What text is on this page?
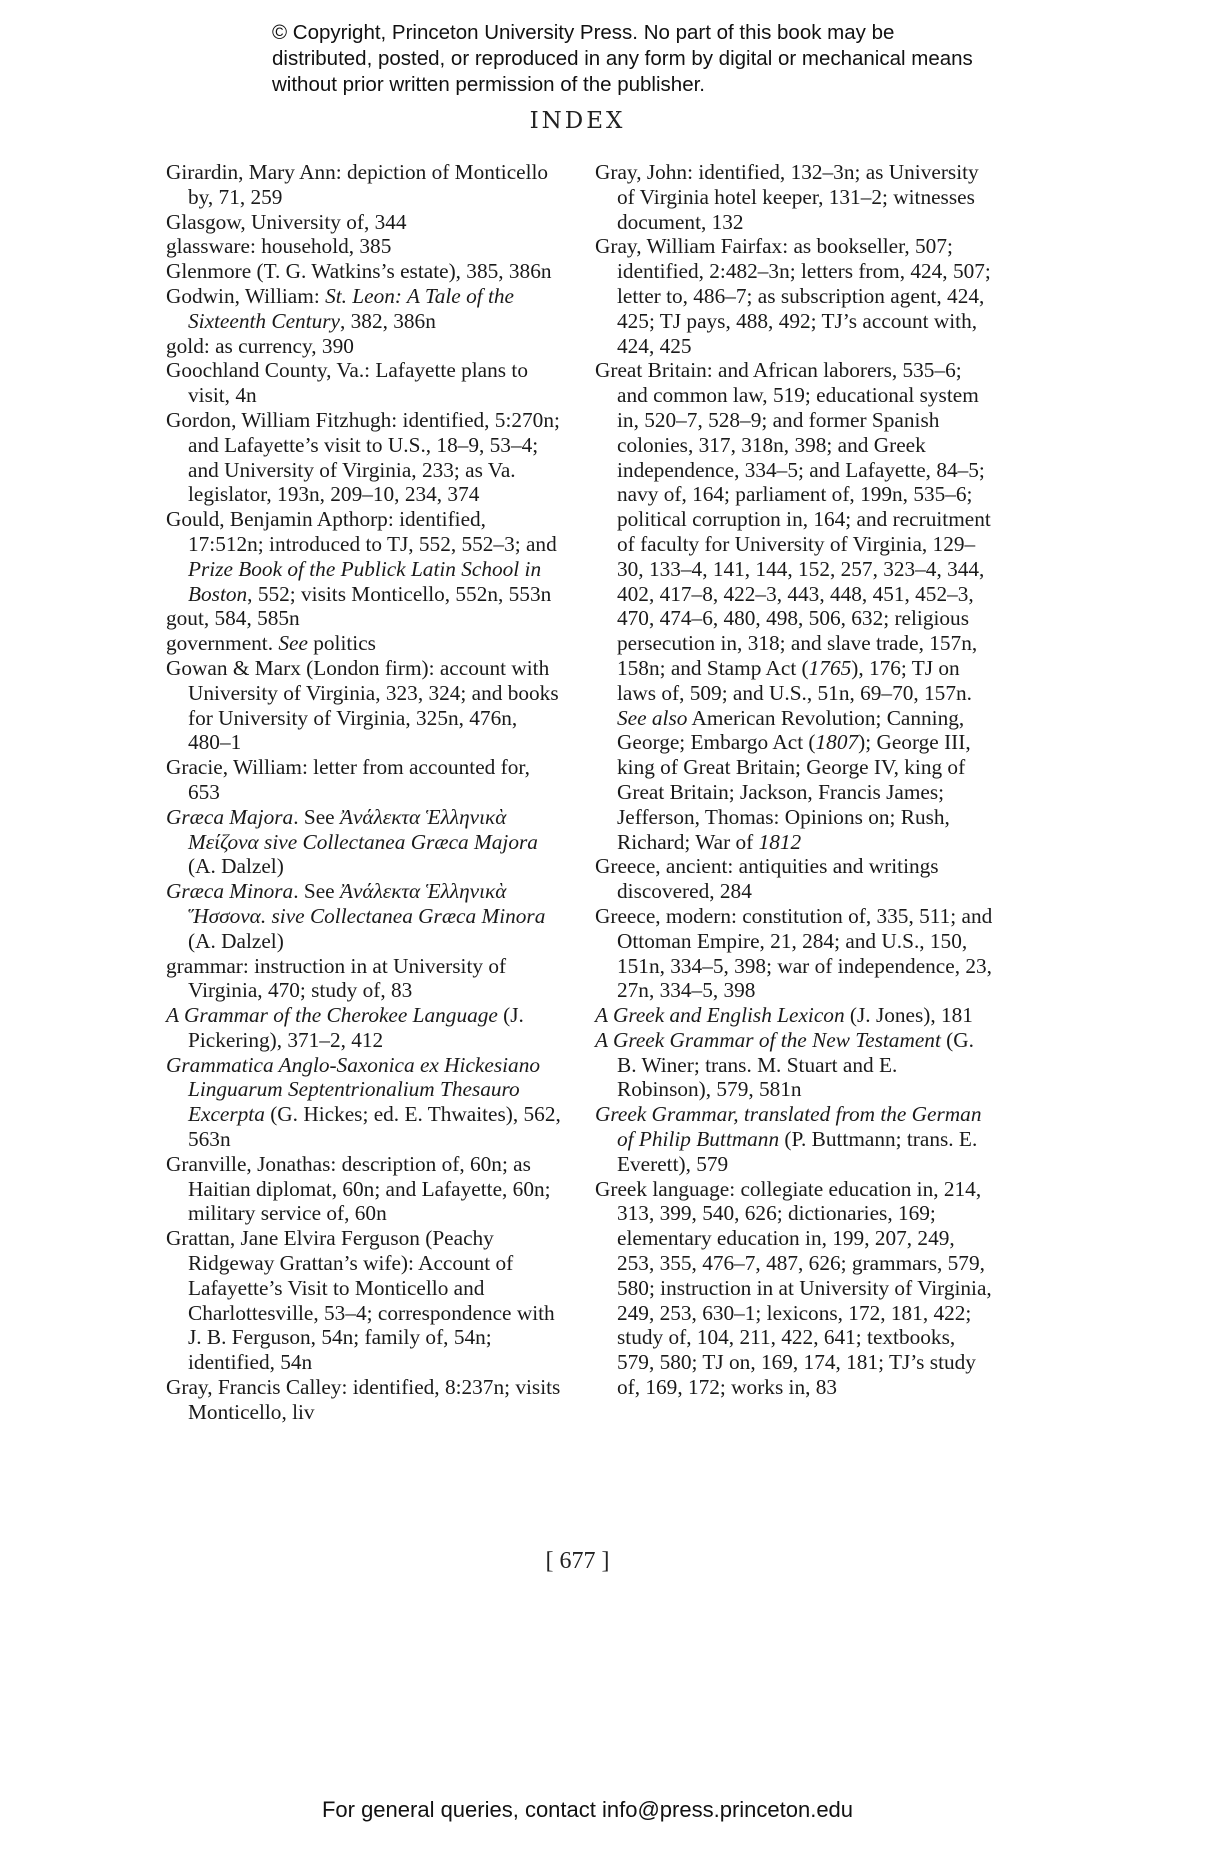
© Copyright, Princeton University Press. No part of this book may be distributed, posted, or reproduced in any form by digital or mechanical means without prior written permission of the publisher.
INDEX

Girardin, Mary Ann: depiction of Monticello by, 71, 259

Glasgow, University of, 344

glassware: household, 385

Glenmore (T. G. Watkins’s estate), 385, 386n

Godwin, William: St. Leon: A Tale of the Sixteenth Century, 382, 386n

gold: as currency, 390

Goochland County, Va.: Lafayette plans to visit, 4n

Gordon, William Fitzhugh: identified, 5:270n; and Lafayette’s visit to U.S., 18–9, 53–4; and University of Virginia, 233; as Va. legislator, 193n, 209–10, 234, 374

Gould, Benjamin Apthorp: identified, 17:512n; introduced to TJ, 552, 552–3; and Prize Book of the Publick Latin School in Boston, 552; visits Monticello, 552n, 553n

gout, 584, 585n

government. See politics

Gowan & Marx (London firm): account with University of Virginia, 323, 324; and books for University of Virginia, 325n, 476n, 480–1

Gracie, William: letter from accounted for, 653

Græca Majora. See Ἀνάλεκτα Ἑλληνικὰ Μείζονα sive Collectanea Græca Majora (A. Dalzel)

Græca Minora. See Ἀνάλεκτα Ἑλληνικὰ Ἥσσονα. sive Collectanea Græca Minora (A. Dalzel)

grammar: instruction in at University of Virginia, 470; study of, 83

A Grammar of the Cherokee Language (J. Pickering), 371–2, 412

Grammatica Anglo-Saxonica ex Hickesiano Linguarum Septentrionalium Thesauro Excerpta (G. Hickes; ed. E. Thwaites), 562, 563n

Granville, Jonathas: description of, 60n; as Haitian diplomat, 60n; and Lafayette, 60n; military service of, 60n

Grattan, Jane Elvira Ferguson (Peachy Ridgeway Grattan’s wife): Account of Lafayette’s Visit to Monticello and Charlottesville, 53–4; correspondence with J. B. Ferguson, 54n; family of, 54n; identified, 54n

Gray, Francis Calley: identified, 8:237n; visits Monticello, liv

Gray, John: identified, 132–3n; as University of Virginia hotel keeper, 131–2; witnesses document, 132

Gray, William Fairfax: as bookseller, 507; identified, 2:482–3n; letters from, 424, 507; letter to, 486–7; as subscription agent, 424, 425; TJ pays, 488, 492; TJ’s account with, 424, 425

Great Britain: and African laborers, 535–6; and common law, 519; educational system in, 520–7, 528–9; and former Spanish colonies, 317, 318n, 398; and Greek independence, 334–5; and Lafayette, 84–5; navy of, 164; parliament of, 199n, 535–6; political corruption in, 164; and recruitment of faculty for University of Virginia, 129–30, 133–4, 141, 144, 152, 257, 323–4, 344, 402, 417–8, 422–3, 443, 448, 451, 452–3, 470, 474–6, 480, 498, 506, 632; religious persecution in, 318; and slave trade, 157n, 158n; and Stamp Act (1765), 176; TJ on laws of, 509; and U.S., 51n, 69–70, 157n. See also American Revolution; Canning, George; Embargo Act (1807); George III, king of Great Britain; George IV, king of Great Britain; Jackson, Francis James; Jefferson, Thomas: Opinions on; Rush, Richard; War of 1812

Greece, ancient: antiquities and writings discovered, 284

Greece, modern: constitution of, 335, 511; and Ottoman Empire, 21, 284; and U.S., 150, 151n, 334–5, 398; war of independence, 23, 27n, 334–5, 398

A Greek and English Lexicon (J. Jones), 181

A Greek Grammar of the New Testament (G. B. Winer; trans. M. Stuart and E. Robinson), 579, 581n

Greek Grammar, translated from the German of Philip Buttmann (P. Buttmann; trans. E. Everett), 579

Greek language: collegiate education in, 214, 313, 399, 540, 626; dictionaries, 169; elementary education in, 199, 207, 249, 253, 355, 476–7, 487, 626; grammars, 579, 580; instruction in at University of Virginia, 249, 253, 630–1; lexicons, 172, 181, 422; study of, 104, 211, 422, 641; textbooks, 579, 580; TJ on, 169, 174, 181; TJ’s study of, 169, 172; works in, 83

[ 677 ]
For general queries, contact info@press.princeton.edu
